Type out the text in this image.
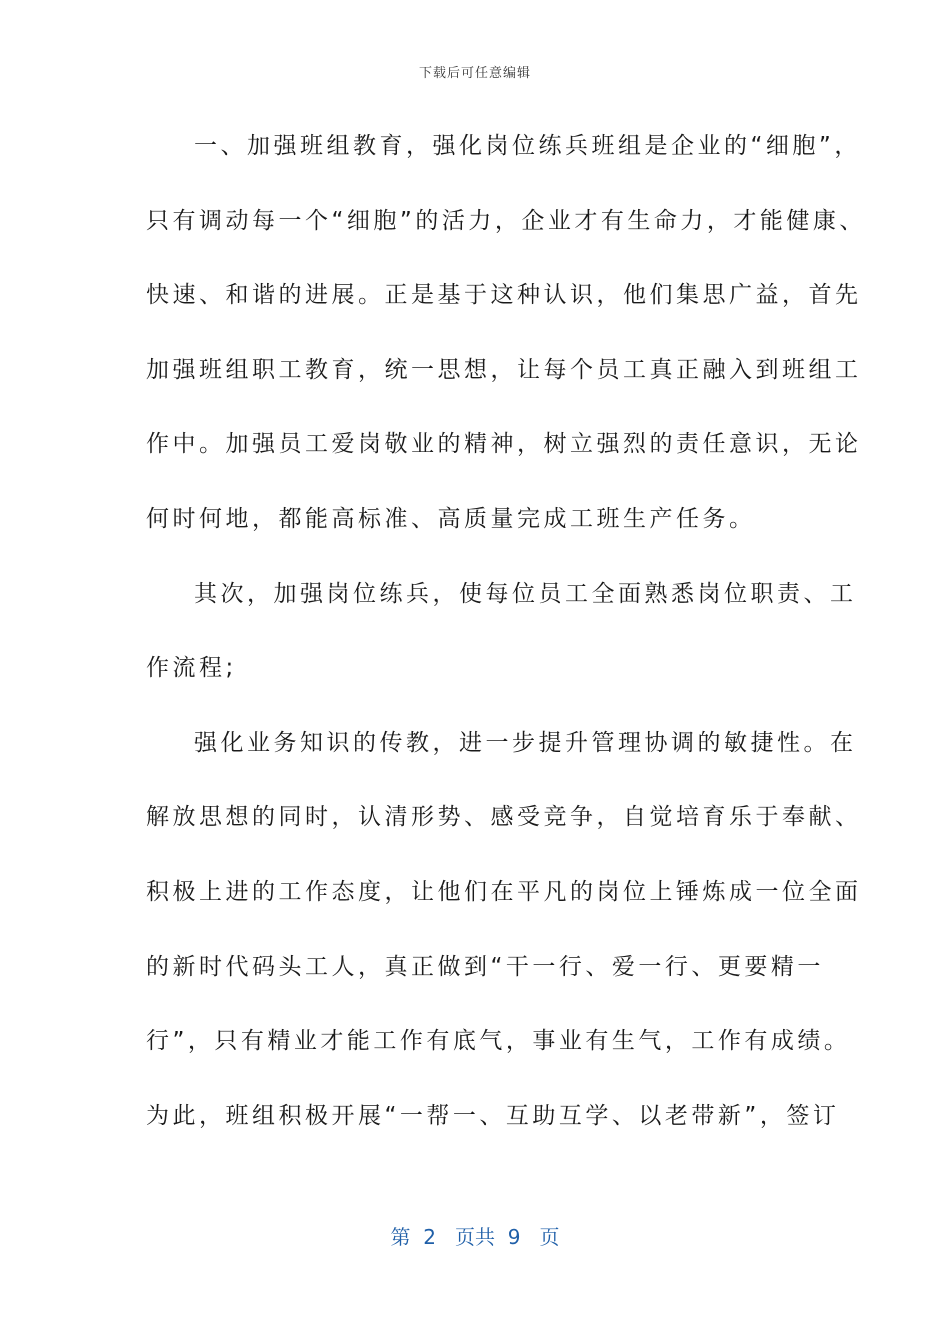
下载后可任意编辑
一、加强班组教育，强化岗位练兵班组是企业的“细胞”，
只有调动每一个“细胞”的活力，企业才有生命力，才能健康、
快速、和谐的进展。正是基于这种认识，他们集思广益，首先
加强班组职工教育，统一思想，让每个员工真正融入到班组工
作中。加强员工爱岗敬业的精神，树立强烈的责任意识，无论
何时何地，都能高标准、高质量完成工班生产任务。
其次，加强岗位练兵，使每位员工全面熟悉岗位职责、工
作流程;
强化业务知识的传教，进一步提升管理协调的敏捷性。在
解放思想的同时，认清形势、感受竞争，自觉培育乐于奉献、
积极上进的工作态度，让他们在平凡的岗位上锤炼成一位全面
的新时代码头工人，真正做到“干一行、爱一行、更要精一
行”，只有精业才能工作有底气，事业有生气，工作有成绩。
为此，班组积极开展“一帮一、互助互学、以老带新”，签订
第  2   页共  9   页
